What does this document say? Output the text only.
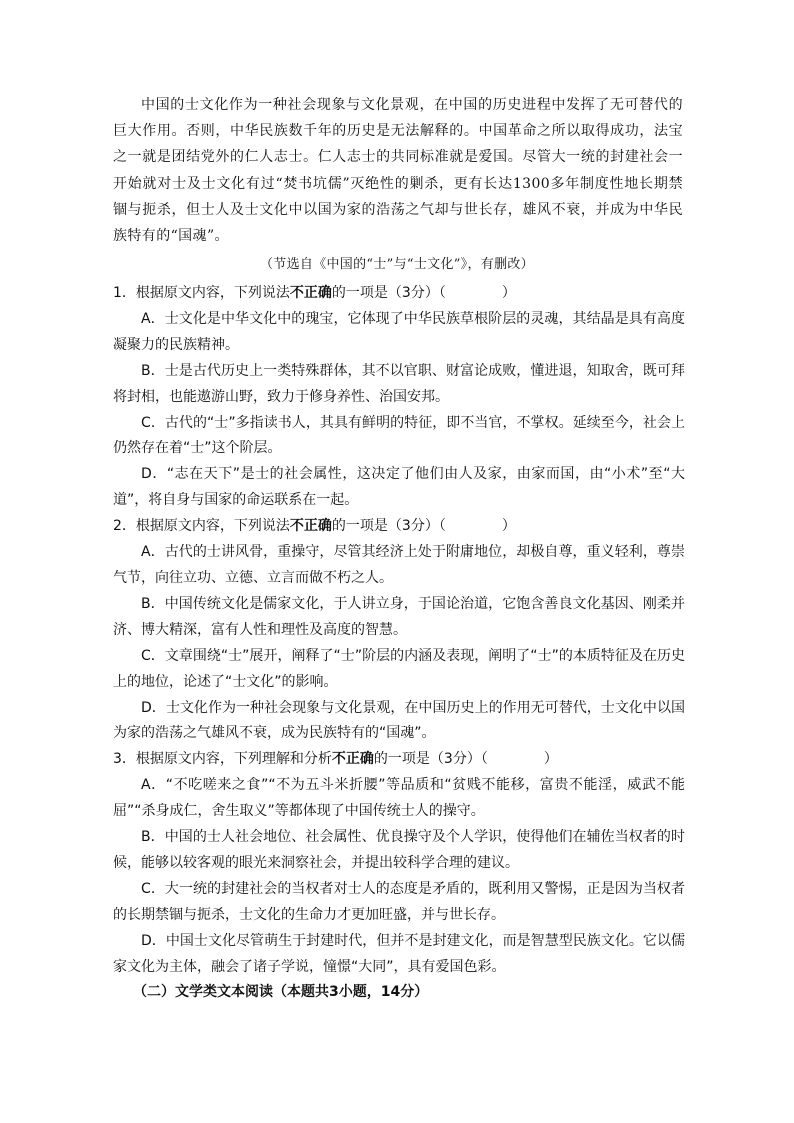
中国的士文化作为一种社会现象与文化景观，在中国的历史进程中发挥了无可替代的巨大作用。否则，中华民族数千年的历史是无法解释的。中国革命之所以取得成功，法宝之一就是团结党外的仁人志士。仁人志士的共同标准就是爱国。尽管大一统的封建社会一开始就对士及士文化有过“焚书坑儒”灭绝性的剿杀，更有长达1300多年制度性地长期禁锢与扼杀，但士人及士文化中以国为家的浩荡之气却与世长存，雄风不衰，并成为中华民族特有的“国魂”。

（节选自《中国的“士”与“士文化”》，有删改）

1．根据原文内容，下列说法不正确的一项是（3分）（　　　　）

A．士文化是中华文化中的瑰宝，它体现了中华民族草根阶层的灵魂，其结晶是具有高度凝聚力的民族精神。

B．士是古代历史上一类特殊群体，其不以官职、财富论成败，懂进退，知取舍，既可拜将封相，也能遨游山野，致力于修身养性、治国安邦。

C．古代的“士”多指读书人，其具有鲜明的特征，即不当官，不掌权。延续至今，社会上仍然存在着“士”这个阶层。

D．“志在天下”是士的社会属性，这决定了他们由人及家，由家而国，由“小术”至“大道”，将自身与国家的命运联系在一起。

2．根据原文内容，下列说法不正确的一项是（3分）（　　　　）

A．古代的士讲风骨，重操守，尽管其经济上处于附庸地位，却极自尊，重义轻利，尊崇气节，向往立功、立德、立言而做不朽之人。

B．中国传统文化是儒家文化，于人讲立身，于国论治道，它饱含善良文化基因、刚柔并济、博大精深，富有人性和理性及高度的智慧。

C．文章围绕“士”展开，阐释了“士”阶层的内涵及表现，阐明了“士”的本质特征及在历史上的地位，论述了“士文化”的影响。

D．士文化作为一种社会现象与文化景观，在中国历史上的作用无可替代，士文化中以国为家的浩荡之气雄风不衰，成为民族特有的“国魂”。

3．根据原文内容，下列理解和分析不正确的一项是（3分）（　　　　）

A．“不吃嗟来之食”“不为五斗米折腰”等品质和“贫贱不能移，富贵不能淫，威武不能屈”“杀身成仁，舍生取义”等都体现了中国传统士人的操守。

B．中国的士人社会地位、社会属性、优良操守及个人学识，使得他们在辅佐当权者的时候，能够以较客观的眼光来洞察社会，并提出较科学合理的建议。

C．大一统的封建社会的当权者对士人的态度是矛盾的，既利用又警惕，正是因为当权者的长期禁锢与扼杀，士文化的生命力才更加旺盛，并与世长存。

D．中国士文化尽管萌生于封建时代，但并不是封建文化，而是智慧型民族文化。它以儒家文化为主体，融会了诸子学说，憧憬“大同”，具有爱国色彩。

（二）文学类文本阅读（本题共3小题，14分）
